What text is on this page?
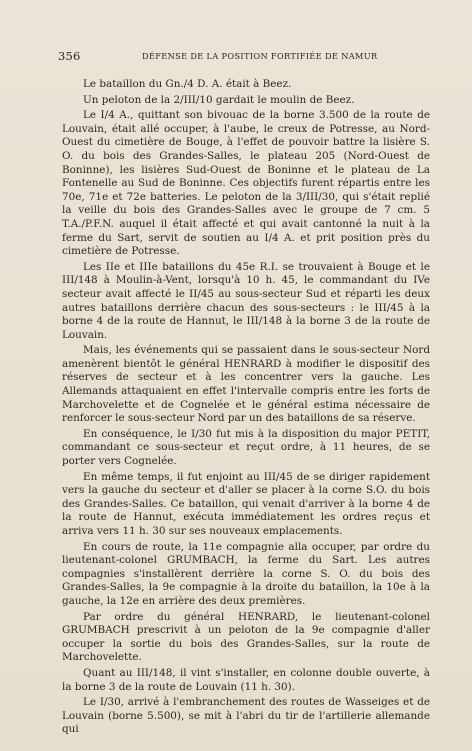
356	DÉFENSE DE LA POSITION FORTIFIÉE DE NAMUR

Le bataillon du Gn./4 D. A. était à Beez.

Un peloton de la 2/III/10 gardait le moulin de Beez.

Le I/4 A., quittant son bivouac de la borne 3.500 de la route de Louvain, était allé occuper, à l'aube, le creux de Potresse, au Nord-Ouest du cimetière de Bouge, à l'effet de pouvoir battre la lisière S. O. du bois des Grandes-Salles, le plateau 205 (Nord-Ouest de Boninne), les lisières Sud-Ouest de Boninne et le plateau de La Fontenelle au Sud de Boninne. Ces objectifs furent répartis entre les 70e, 71e et 72e batteries. Le peloton de la 3/III/30, qui s'était replié la veille du bois des Grandes-Salles avec le groupe de 7 cm. 5 T.A./P.F.N. auquel il était affecté et qui avait cantonné la nuit à la ferme du Sart, servit de soutien au I/4 A. et prit position près du cimetière de Potresse.

Les IIe et IIIe bataillons du 45e R.I. se trouvaient à Bouge et le III/148 à Moulin-à-Vent, lorsqu'à 10 h. 45, le commandant du IVe secteur avait affecté le II/45 au sous-secteur Sud et réparti les deux autres bataillons derrière chacun des sous-secteurs : le III/45 à la borne 4 de la route de Hannut, le III/148 à la borne 3 de la route de Louvain.

Mais, les événements qui se passaient dans le sous-secteur Nord amenèrent bientôt le général HENRARD à modifier le dispositif des réserves de secteur et à les concentrer vers la gauche. Les Allemands attaquaient en effet l'intervalle compris entre les forts de Marchovelette et de Cognelée et le général estima nécessaire de renforcer le sous-secteur Nord par un des bataillons de sa réserve.

En conséquence, le I/30 fut mis à la disposition du major PETIT, commandant ce sous-secteur et reçut ordre, à 11 heures, de se porter vers Cognelée.

En même temps, il fut enjoint au III/45 de se diriger rapidement vers la gauche du secteur et d'aller se placer à la corne S.O. du bois des Grandes-Salles. Ce bataillon, qui venait d'arriver à la borne 4 de la route de Hannut, exécuta immédiatement les ordres reçus et arriva vers 11 h. 30 sur ses nouveaux emplacements.

En cours de route, la 11e compagnie alla occuper, par ordre du lieutenant-colonel GRUMBACH, la ferme du Sart. Les autres compagnies s'installèrent derrière la corne S. O. du bois des Grandes-Salles, la 9e compagnie à la droite du bataillon, la 10e à la gauche, la 12e en arrière des deux premières.

Par ordre du général HENRARD, le lieutenant-colonel GRUMBACH prescrivit à un peloton de la 9e compagnie d'aller occuper la sortie du bois des Grandes-Salles, sur la route de Marchovelette.

Quant au III/148, il vint s'installer, en colonne double ouverte, à la borne 3 de la route de Louvain (11 h. 30).

Le I/30, arrivé à l'embranchement des routes de Wasseiges et de Louvain (borne 5.500), se mit à l'abri du tir de l'artillerie allemande qui
